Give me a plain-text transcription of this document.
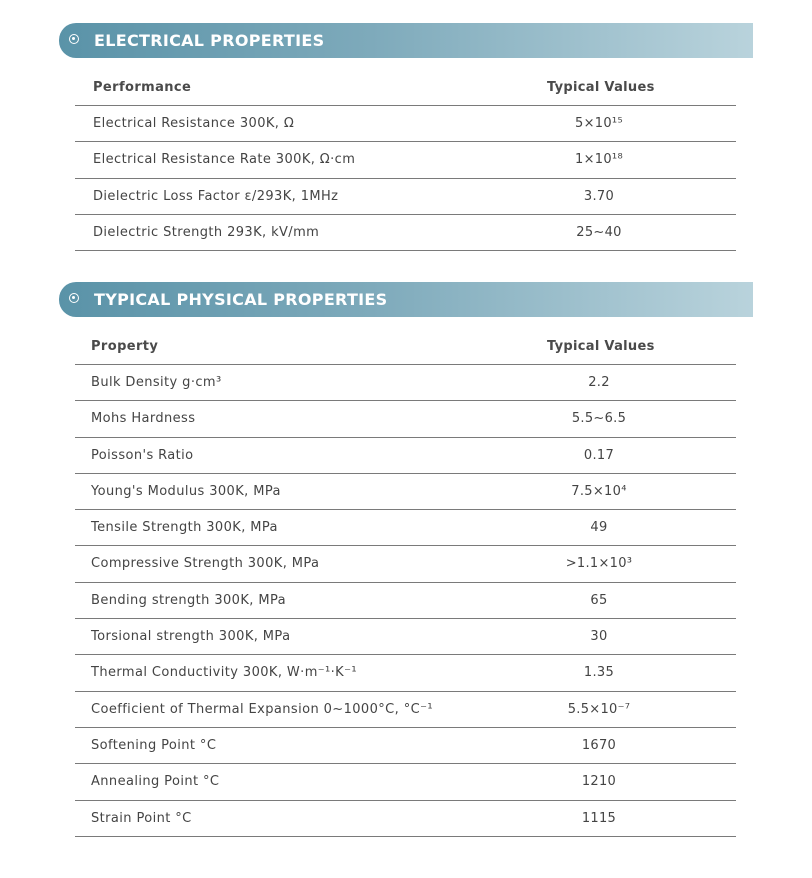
ELECTRICAL PROPERTIES
Performance	Typical Values
Electrical Resistance 300K, Ω	5×10¹⁵
Electrical Resistance Rate 300K, Ω·cm	1×10¹⁸
Dielectric Loss Factor ε/293K, 1MHz	3.70
Dielectric Strength 293K, kV/mm	25~40
TYPICAL PHYSICAL PROPERTIES
Property	Typical Values
Bulk Density g·cm³	2.2
Mohs Hardness	5.5~6.5
Poisson's Ratio	0.17
Young's Modulus 300K, MPa	7.5×10⁴
Tensile Strength 300K, MPa	49
Compressive Strength 300K, MPa	>1.1×10³
Bending strength 300K, MPa	65
Torsional strength 300K, MPa	30
Thermal Conductivity 300K, W·m⁻¹·K⁻¹	1.35
Coefficient of Thermal Expansion 0~1000°C, °C⁻¹	5.5×10⁻⁷
Softening Point °C	1670
Annealing Point °C	1210
Strain Point °C	1115
